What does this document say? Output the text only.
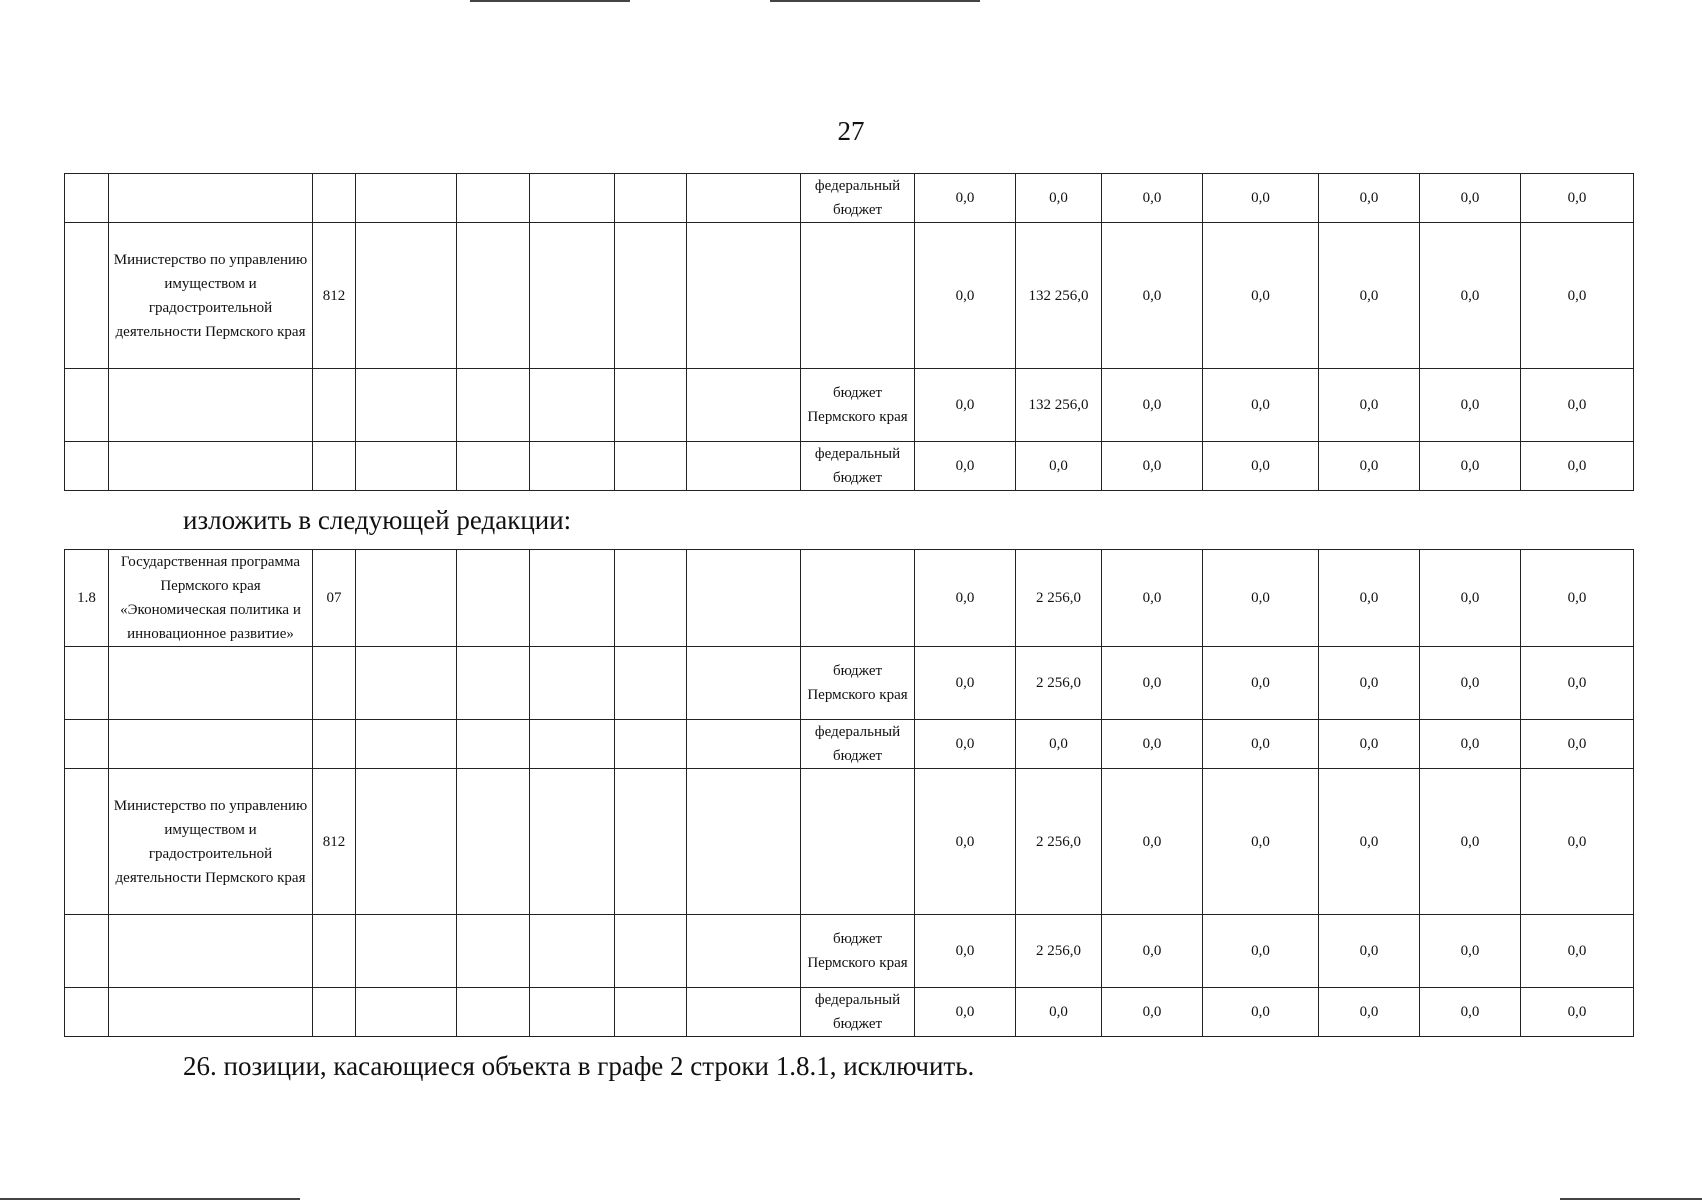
27
								федеральный бюджет	0,0	0,0	0,0	0,0	0,0	0,0	0,0
	Министерство по управлению имуществом и градостроительной деятельности Пермского края	812							0,0	132 256,0	0,0	0,0	0,0	0,0	0,0
								бюджет Пермского края	0,0	132 256,0	0,0	0,0	0,0	0,0	0,0
								федеральный бюджет	0,0	0,0	0,0	0,0	0,0	0,0	0,0
изложить в следующей редакции:
1.8	Государственная программа Пермского края «Экономическая политика и инновационное развитие»	07							0,0	2 256,0	0,0	0,0	0,0	0,0	0,0
								бюджет Пермского края	0,0	2 256,0	0,0	0,0	0,0	0,0	0,0
								федеральный бюджет	0,0	0,0	0,0	0,0	0,0	0,0	0,0
	Министерство по управлению имуществом и градостроительной деятельности Пермского края	812							0,0	2 256,0	0,0	0,0	0,0	0,0	0,0
								бюджет Пермского края	0,0	2 256,0	0,0	0,0	0,0	0,0	0,0
								федеральный бюджет	0,0	0,0	0,0	0,0	0,0	0,0	0,0
26. позиции, касающиеся объекта в графе 2 строки 1.8.1, исключить.
